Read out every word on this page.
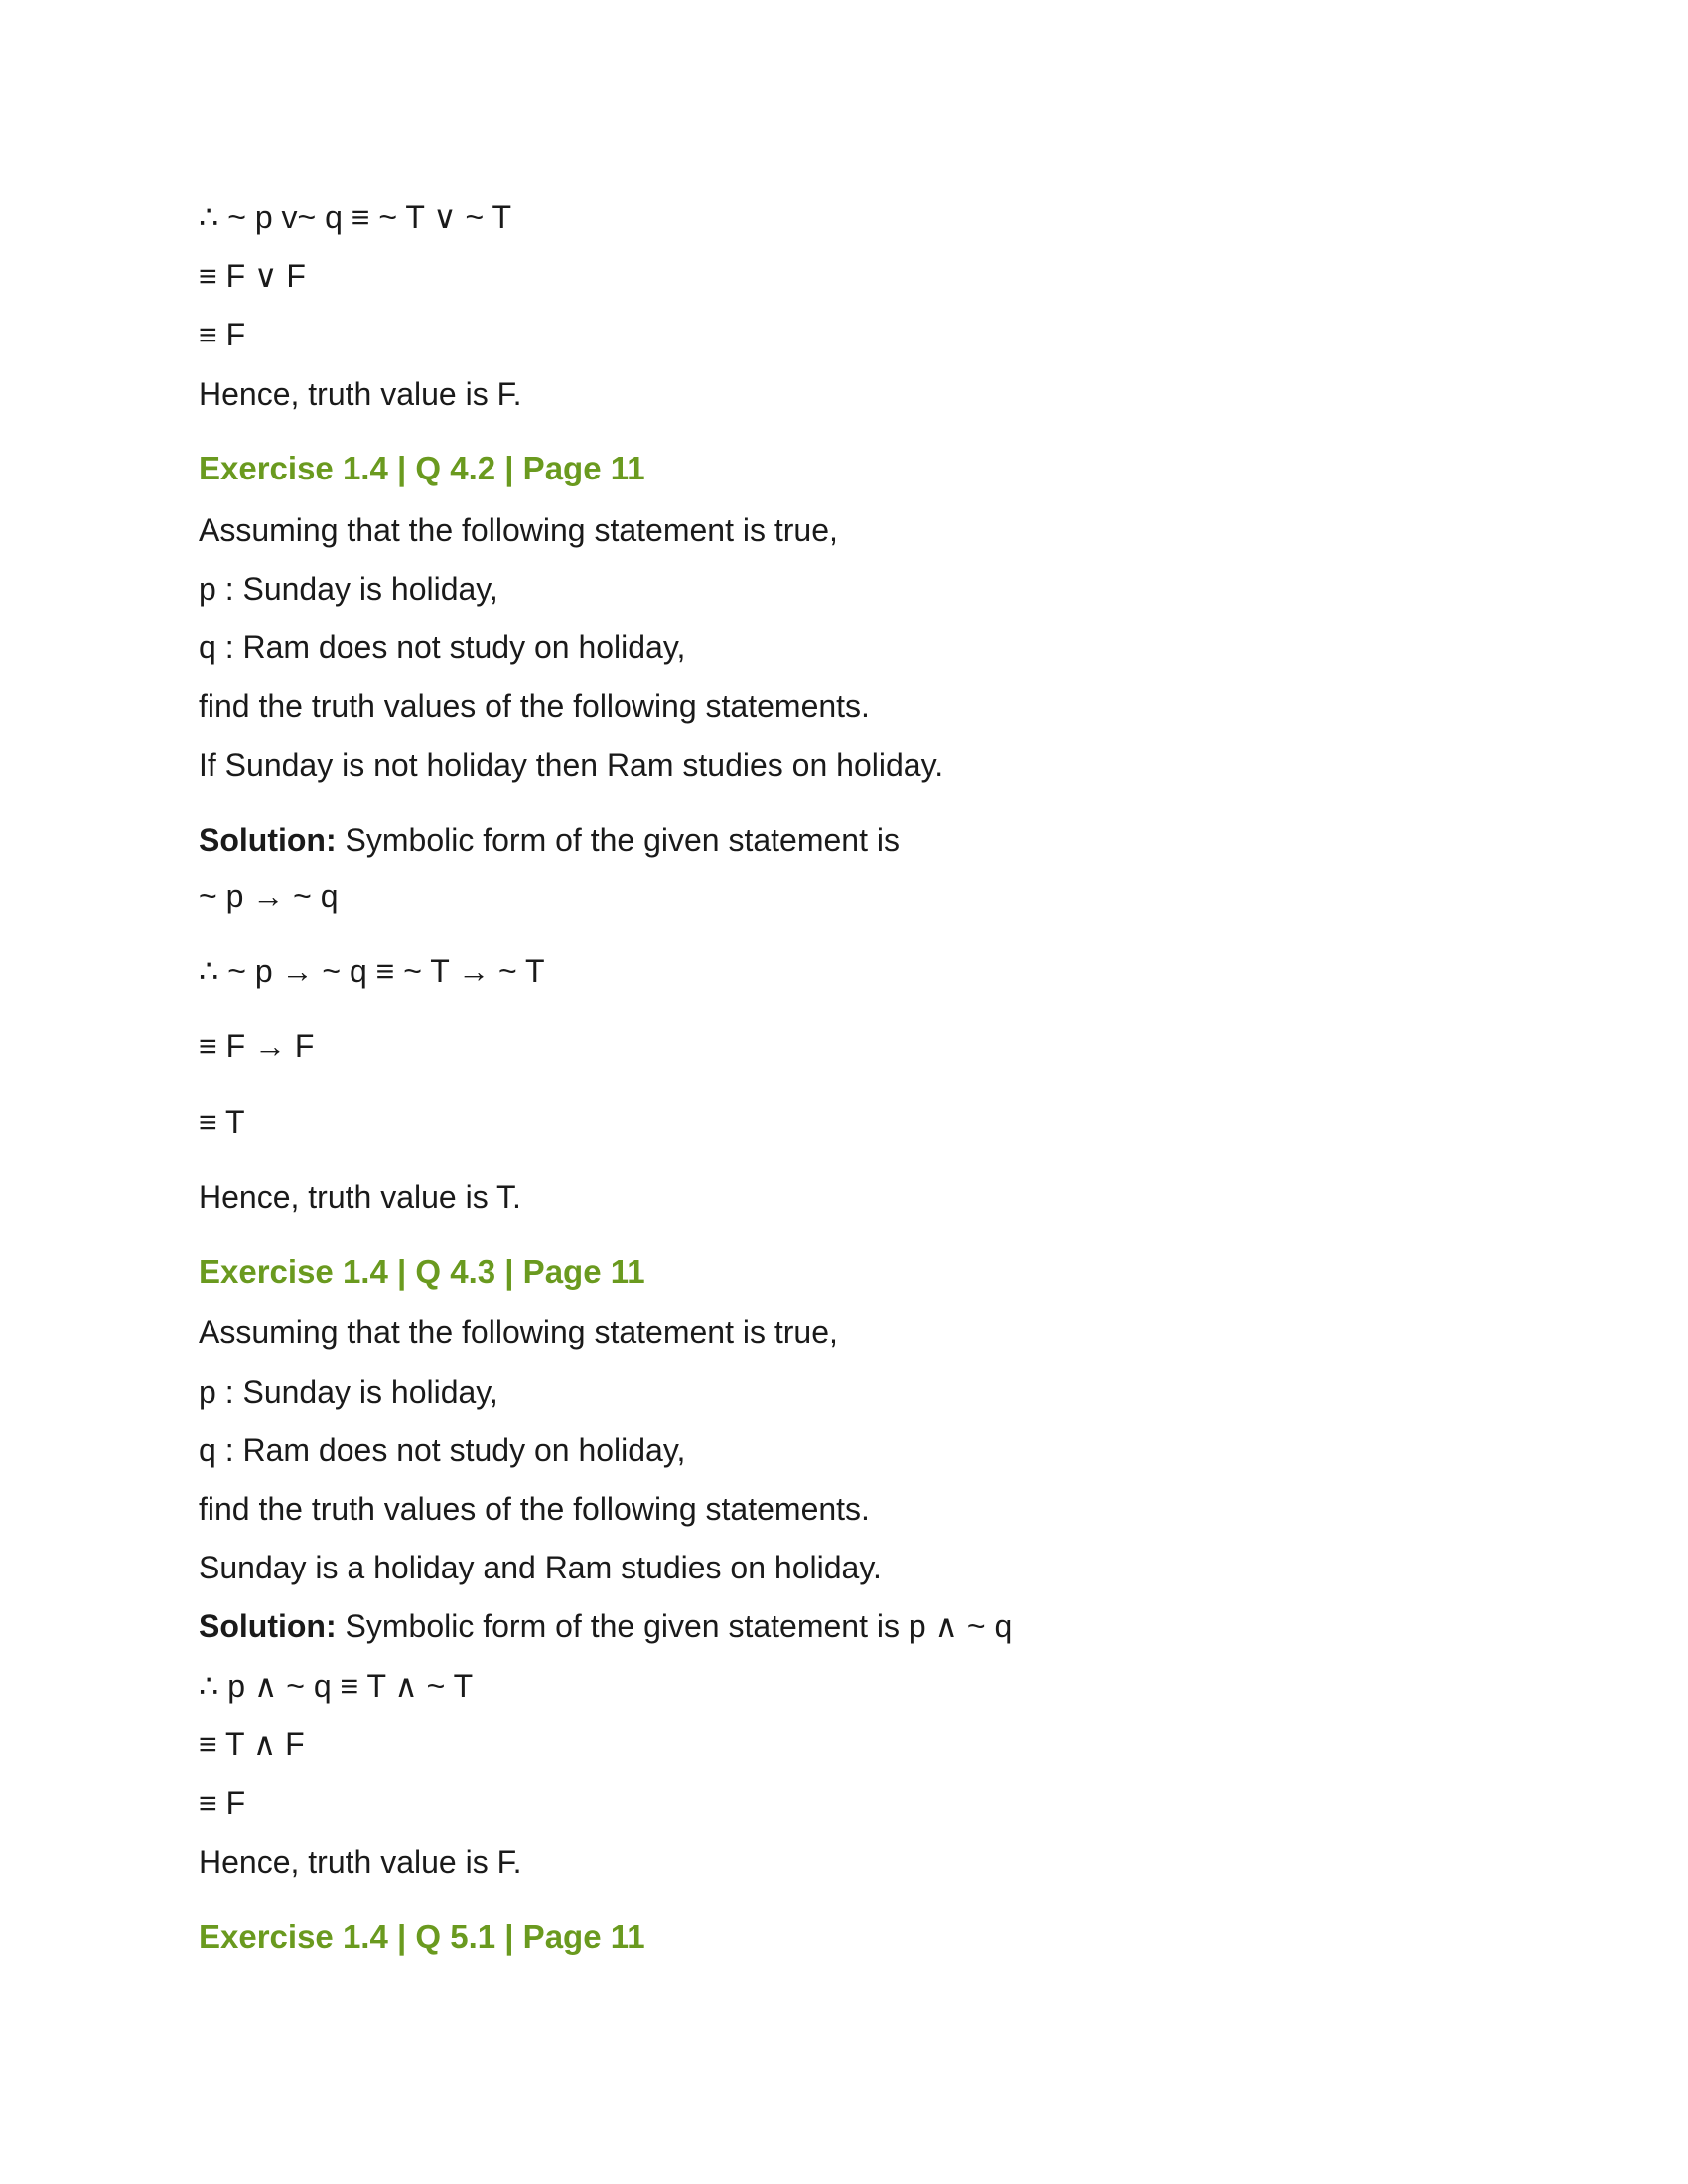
∴ ~ p v~ q ≡ ~ T ∨ ~ T

≡ F ∨ F

≡ F

Hence, truth value is F.

Exercise 1.4 | Q 4.2 | Page 11

Assuming that the following statement is true,

p : Sunday is holiday,

q : Ram does not study on holiday,

find the truth values of the following statements.

If Sunday is not holiday then Ram studies on holiday.

Solution: Symbolic form of the given statement is

~ p → ~ q

∴ ~ p → ~ q ≡ ~ T → ~ T

≡ F → F

≡ T

Hence, truth value is T.

Exercise 1.4 | Q 4.3 | Page 11

Assuming that the following statement is true,

p : Sunday is holiday,

q : Ram does not study on holiday,

find the truth values of the following statements.

Sunday is a holiday and Ram studies on holiday.

Solution: Symbolic form of the given statement is p ∧ ~ q

∴ p ∧ ~ q ≡ T ∧ ~ T

≡ T ∧ F

≡ F

Hence, truth value is F.

Exercise 1.4 | Q 5.1 | Page 11
